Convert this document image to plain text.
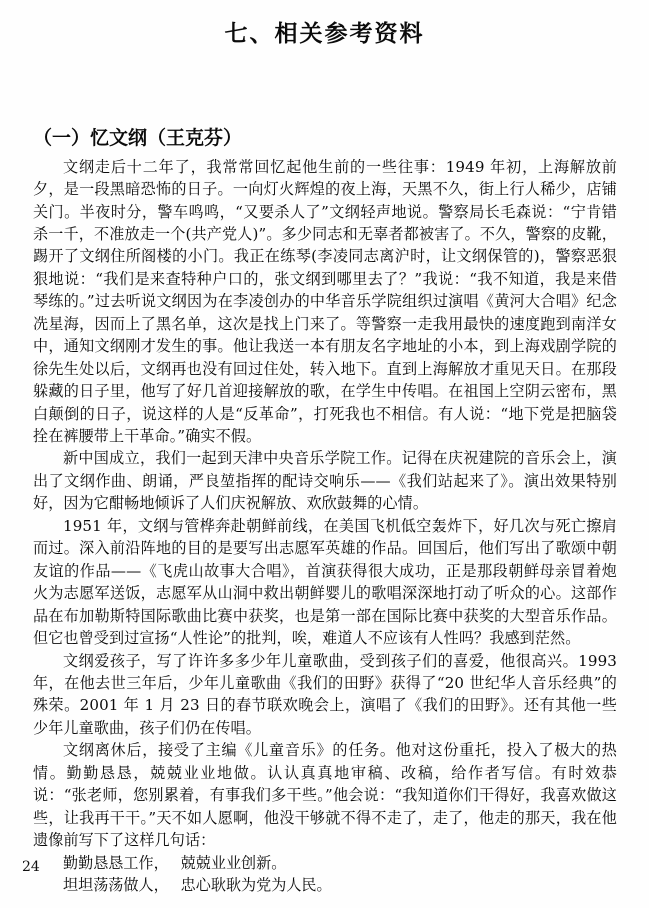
七、相关参考资料
（一）忆文纲（王克芬）

文纲走后十二年了，我常常回忆起他生前的一些往事：1949 年初，上海解放前夕，是一段黑暗恐怖的日子。一向灯火辉煌的夜上海，天黑不久，街上行人稀少，店铺关门。半夜时分，警车鸣鸣，“又要杀人了”文纲轻声地说。警察局长毛森说：“宁肯错杀一千，不准放走一个(共产党人)”。多少同志和无辜者都被害了。不久，警察的皮靴，踢开了文纲住所阁楼的小门。我正在练琴(李凌同志离沪时，让文纲保管的)，警察恶狠狠地说：“我们是来查特种户口的，张文纲到哪里去了？”我说：“我不知道，我是来借琴练的。”过去听说文纲因为在李凌创办的中华音乐学院组织过演唱《黄河大合唱》纪念冼星海，因而上了黑名单，这次是找上门来了。等警察一走我用最快的速度跑到南洋女中，通知文纲刚才发生的事。他让我送一本有朋友名字地址的小本，到上海戏剧学院的徐先生处以后，文纲再也没有回过住处，转入地下。直到上海解放才重见天日。在那段躲藏的日子里，他写了好几首迎接解放的歌，在学生中传唱。在祖国上空阴云密布，黑白颠倒的日子，说这样的人是“反革命”，打死我也不相信。有人说：“地下党是把脑袋拴在裤腰带上干革命。”确实不假。

新中国成立，我们一起到天津中央音乐学院工作。记得在庆祝建院的音乐会上，演出了文纲作曲、朗诵，严良堃指挥的配诗交响乐——《我们站起来了》。演出效果特别好，因为它酣畅地倾诉了人们庆祝解放、欢欣鼓舞的心情。

1951 年，文纲与管桦奔赴朝鲜前线，在美国飞机低空轰炸下，好几次与死亡擦肩而过。深入前沿阵地的目的是要写出志愿军英雄的作品。回国后，他们写出了歌颂中朝友谊的作品——《飞虎山故事大合唱》，首演获得很大成功，正是那段朝鲜母亲冒着炮火为志愿军送饭，志愿军从山洞中救出朝鲜婴儿的歌唱深深地打动了听众的心。这部作品在布加勒斯特国际歌曲比赛中获奖，也是第一部在国际比赛中获奖的大型音乐作品。但它也曾受到过宣扬“人性论”的批判，唉，难道人不应该有人性吗？我感到茫然。

文纲爱孩子，写了许许多多少年儿童歌曲，受到孩子们的喜爱，他很高兴。1993 年，在他去世三年后，少年儿童歌曲《我们的田野》获得了“20 世纪华人音乐经典”的殊荣。2001 年 1 月 23 日的春节联欢晚会上，演唱了《我们的田野》。还有其他一些少年儿童歌曲，孩子们仍在传唱。

文纲离休后，接受了主编《儿童音乐》的任务。他对这份重托，投入了极大的热情。勤勤恳恳，兢兢业业地做。认认真真地审稿、改稿，给作者写信。有时效恭说：“张老师，您别累着，有事我们多干些。”他会说：“我知道你们干得好，我喜欢做这些，让我再干干。”天不如人愿啊，他没干够就不得不走了，走了，他走的那天，我在他遗像前写下了这样几句话：

勤勤恳恳工作， 兢兢业业创新。

坦坦荡荡做人， 忠心耿耿为党为人民。

24
